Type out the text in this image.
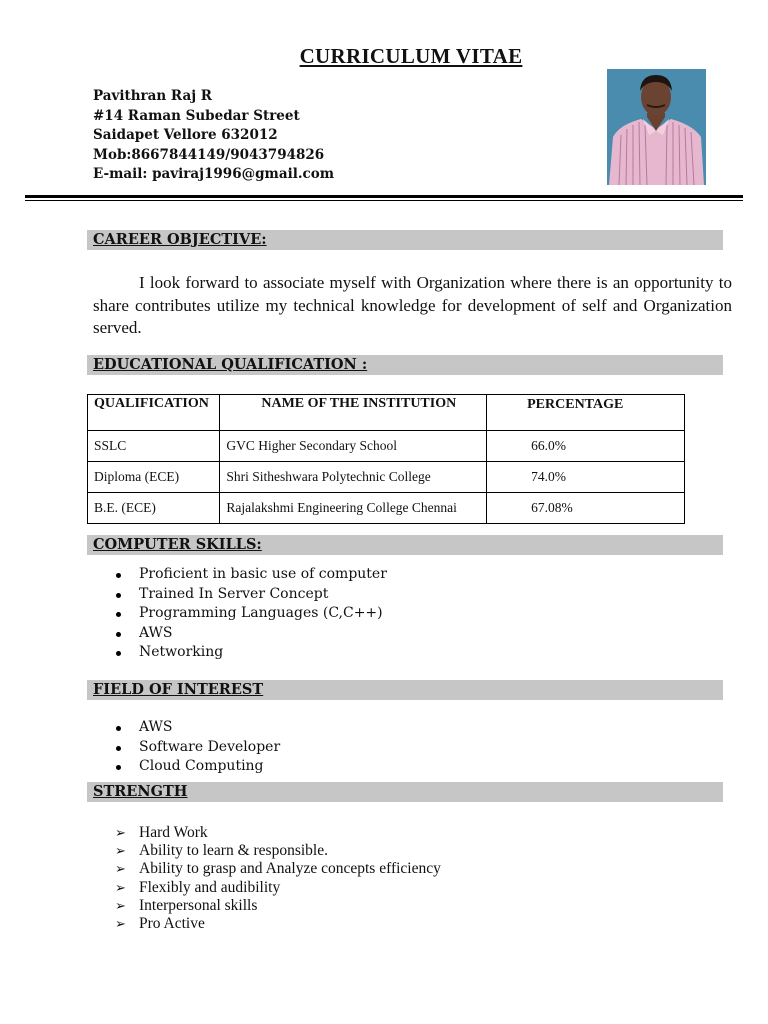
CURRICULUM VITAE
Pavithran Raj R
#14 Raman Subedar Street
Saidapet Vellore 632012
Mob:8667844149/9043794826
E-mail: paviraj1996@gmail.com
CAREER OBJECTIVE:
I look forward to associate myself with Organization where there is an opportunity to share contributes utilize my technical knowledge for development of self and Organization served.
EDUCATIONAL QUALIFICATION :
QUALIFICATION	NAME OF THE INSTITUTION	PERCENTAGE
SSLC	GVC Higher Secondary School	66.0%
Diploma (ECE)	Shri Sitheshwara Polytechnic College	74.0%
B.E. (ECE)	Rajalakshmi Engineering College Chennai	67.08%
COMPUTER SKILLS:
Proficient in basic use of computer
Trained In Server Concept
Programming Languages (C,C++)
AWS
Networking
FIELD OF INTEREST
AWS
Software Developer
Cloud Computing
STRENGTH
➢ Hard Work
➢ Ability to learn & responsible.
➢ Ability to grasp and Analyze concepts efficiency
➢ Flexibly and audibility
➢ Interpersonal skills
➢ Pro Active
